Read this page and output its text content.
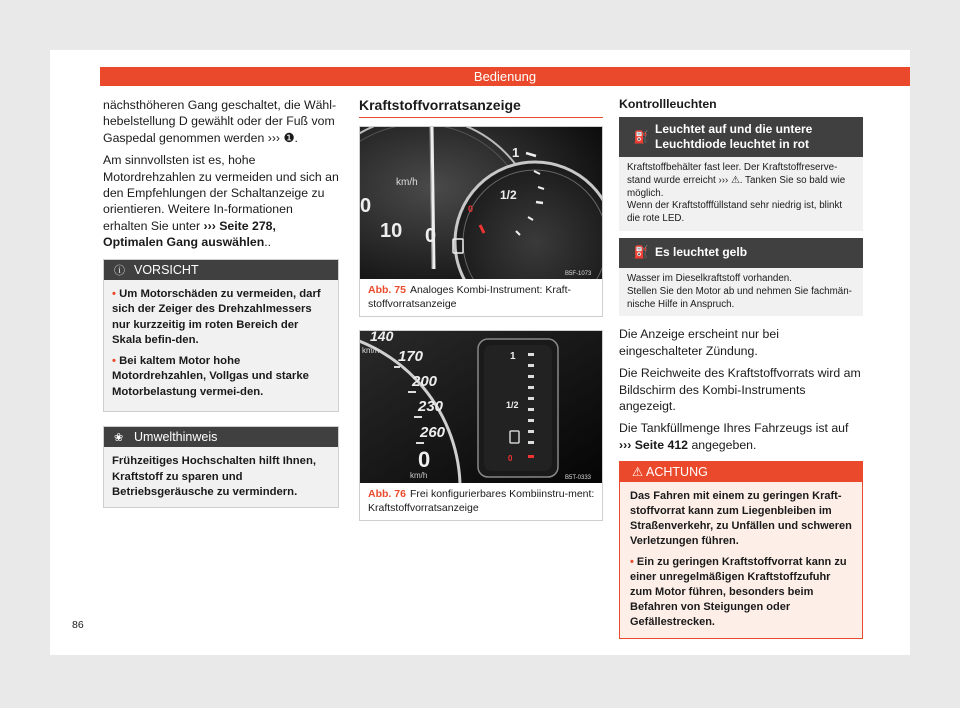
Bedienung

nächsthöheren Gang geschaltet, die Wähl-hebelstellung D gewählt oder der Fuß vom Gaspedal genommen werden ››› ❶.

Am sinnvollsten ist es, hohe Motordrehzahlen zu vermeiden und sich an den Empfehlungen der Schaltanzeige zu orientieren. Weitere In-formationen erhalten Sie unter ››› Seite 278, Optimalen Gang auswählen..

ⓘ VORSICHT
• Um Motorschäden zu vermeiden, darf sich der Zeiger des Drehzahlmessers nur kurzzeitig im roten Bereich der Skala befin-den.
• Bei kaltem Motor hohe Motordrehzahlen, Vollgas und starke Motorbelastung vermei-den.
❀ Umwelthinweis
Frühzeitiges Hochschalten hilft Ihnen, Kraftstoff zu sparen und Betriebsgeräusche zu vermindern.
Kraftstoffvorratsanzeige
km/h
0
10 0
1
1/2
0
B5F-1073
Abb. 75 Analoges Kombi-Instrument: Kraft-stoffvorratsanzeige
km/h
140
170
200
230
260
0
km/h
1
1/2
0
B5T-0333
Abb. 76 Frei konfigurierbares Kombiinstru-ment: Kraftstoffvorratsanzeige
Kontrollleuchten
⛽
Leuchtet auf und die untere Leuchtdiode leuchtet in rot
Kraftstoffbehälter fast leer. Der Kraftstoffreserve-stand wurde erreicht ››› ⚠. Tanken Sie so bald wie möglich.
Wenn der Kraftstofffüllstand sehr niedrig ist, blinkt die rote LED.
⛽ Es leuchtet gelb
Wasser im Dieselkraftstoff vorhanden.
Stellen Sie den Motor ab und nehmen Sie fachmän-nische Hilfe in Anspruch.

Die Anzeige erscheint nur bei eingeschalteter Zündung.

Die Reichweite des Kraftstoffvorrats wird am Bildschirm des Kombi-Instruments angezeigt.

Die Tankfüllmenge Ihres Fahrzeugs ist auf ››› Seite 412 angegeben.

⚠ ACHTUNG
Das Fahren mit einem zu geringen Kraft-stoffvorrat kann zum Liegenbleiben im Straßenverkehr, zu Unfällen und schweren Verletzungen führen.
• Ein zu geringen Kraftstoffvorrat kann zu einer unregelmäßigen Kraftstoffzufuhr zum Motor führen, besonders beim Befahren von Steigungen oder Gefällestrecken.
86
